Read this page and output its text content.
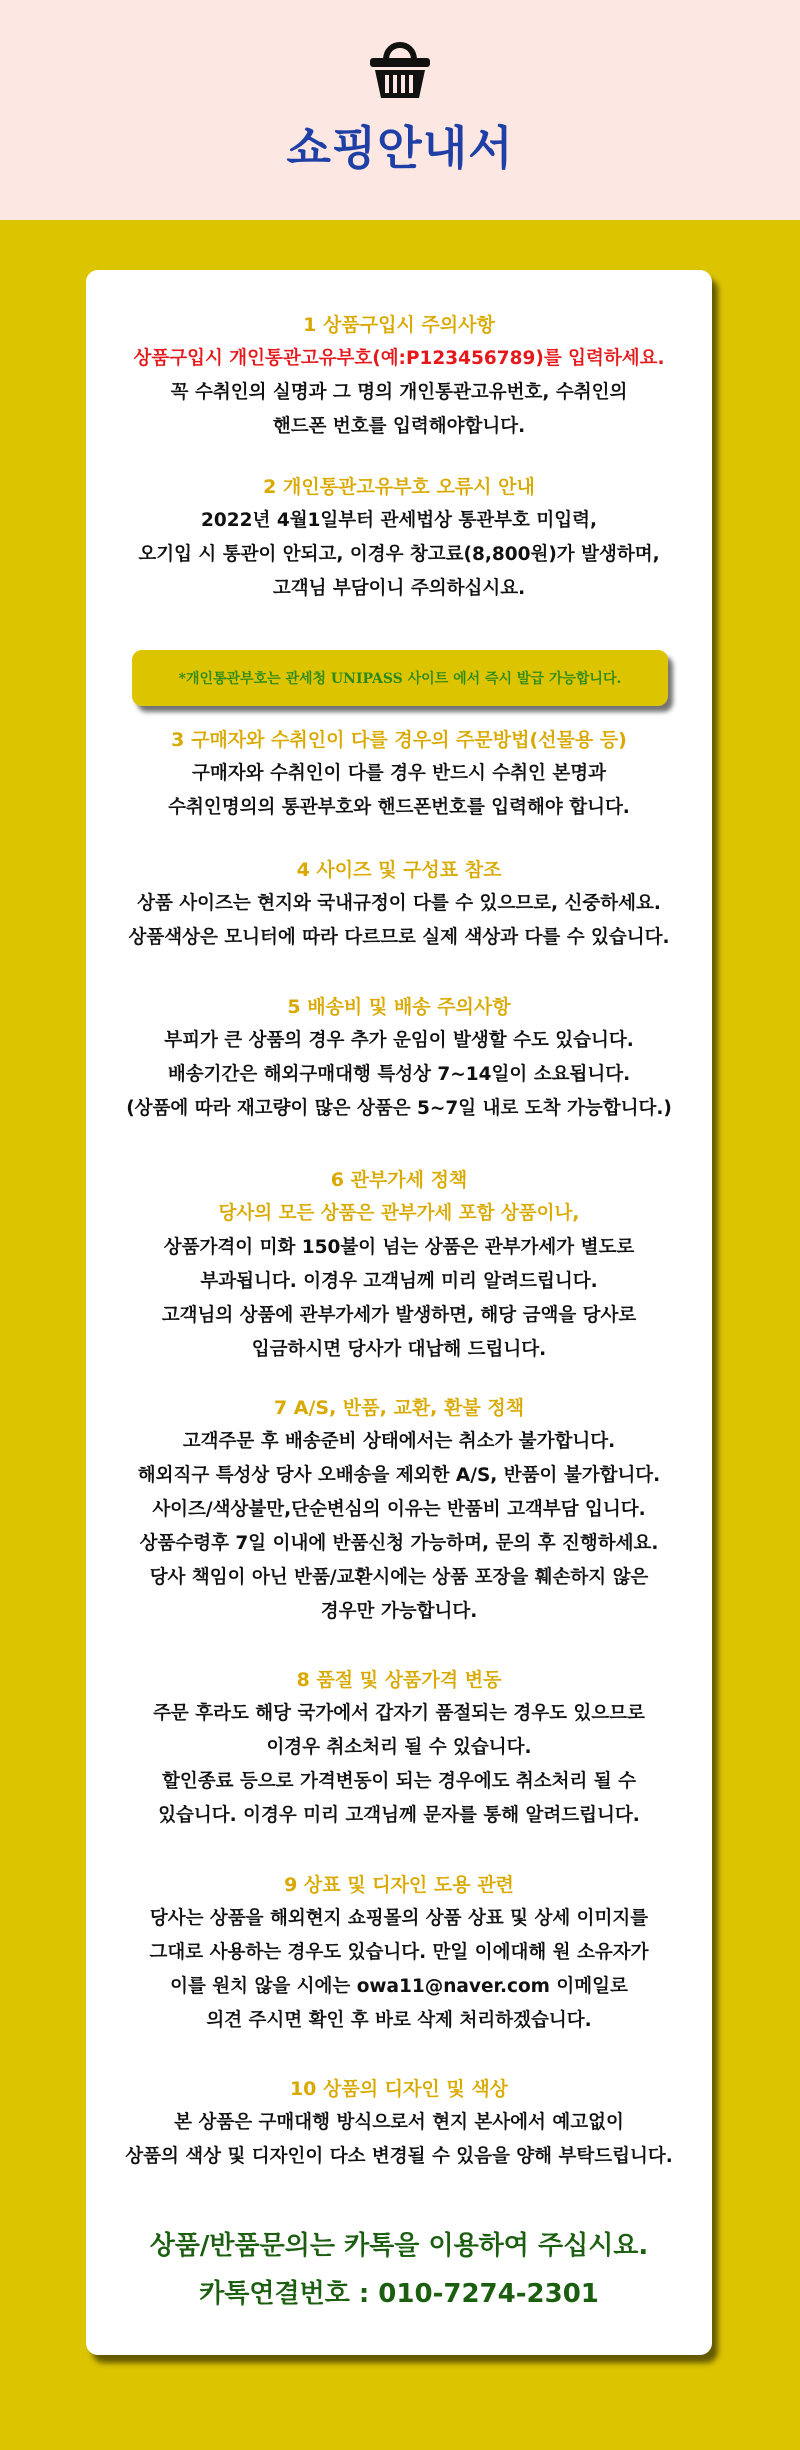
쇼핑안내서
1 상품구입시 주의사항
상품구입시 개인통관고유부호(예:P123456789)를 입력하세요.
꼭 수취인의 실명과 그 명의 개인통관고유번호, 수취인의
핸드폰 번호를 입력해야합니다.
2 개인통관고유부호 오류시 안내
2022년 4월1일부터 관세법상 통관부호 미입력,
오기입 시 통관이 안되고, 이경우 창고료(8,800원)가 발생하며,
고객님 부담이니 주의하십시요.
*개인통관부호는 관세청 UNIPASS 사이트 에서 즉시 발급 가능합니다.
3 구매자와 수취인이 다를 경우의 주문방법(선물용 등)
구매자와 수취인이 다를 경우 반드시 수취인 본명과
수취인명의의 통관부호와 핸드폰번호를 입력해야 합니다.
4 사이즈 및 구성표 참조
상품 사이즈는 현지와 국내규정이 다를 수 있으므로, 신중하세요.
상품색상은 모니터에 따라 다르므로 실제 색상과 다를 수 있습니다.
5 배송비 및 배송 주의사항
부피가 큰 상품의 경우 추가 운임이 발생할 수도 있습니다.
배송기간은 해외구매대행 특성상 7~14일이 소요됩니다.
(상품에 따라 재고량이 많은 상품은 5~7일 내로 도착 가능합니다.)
6 관부가세 정책
당사의 모든 상품은 관부가세 포함 상품이나,
상품가격이 미화 150불이 넘는 상품은 관부가세가 별도로
부과됩니다. 이경우 고객님께 미리 알려드립니다.
고객님의 상품에 관부가세가 발생하면, 해당 금액을 당사로
입금하시면 당사가 대납해 드립니다.
7 A/S, 반품, 교환, 환불 정책
고객주문 후 배송준비 상태에서는 취소가 불가합니다.
해외직구 특성상 당사 오배송을 제외한 A/S, 반품이 불가합니다.
사이즈/색상불만,단순변심의 이유는 반품비 고객부담 입니다.
상품수령후 7일 이내에 반품신청 가능하며, 문의 후 진행하세요.
당사 책임이 아닌 반품/교환시에는 상품 포장을 훼손하지 않은
경우만 가능합니다.
8 품절 및 상품가격 변동
주문 후라도 해당 국가에서 갑자기 품절되는 경우도 있으므로
이경우 취소처리 될 수 있습니다.
할인종료 등으로 가격변동이 되는 경우에도 취소처리 될 수
있습니다. 이경우 미리 고객님께 문자를 통해 알려드립니다.
9 상표 및 디자인 도용 관련
당사는 상품을 해외현지 쇼핑몰의 상품 상표 및 상세 이미지를
그대로 사용하는 경우도 있습니다. 만일 이에대해 원 소유자가
이를 원치 않을 시에는 owa11@naver.com 이메일로
의견 주시면 확인 후 바로 삭제 처리하겠습니다.
10 상품의 디자인 및 색상
본 상품은 구매대행 방식으로서 현지 본사에서 예고없이
상품의 색상 및 디자인이 다소 변경될 수 있음을 양해 부탁드립니다.
상품/반품문의는 카톡을 이용하여 주십시요.
카톡연결번호 : 010-7274-2301
